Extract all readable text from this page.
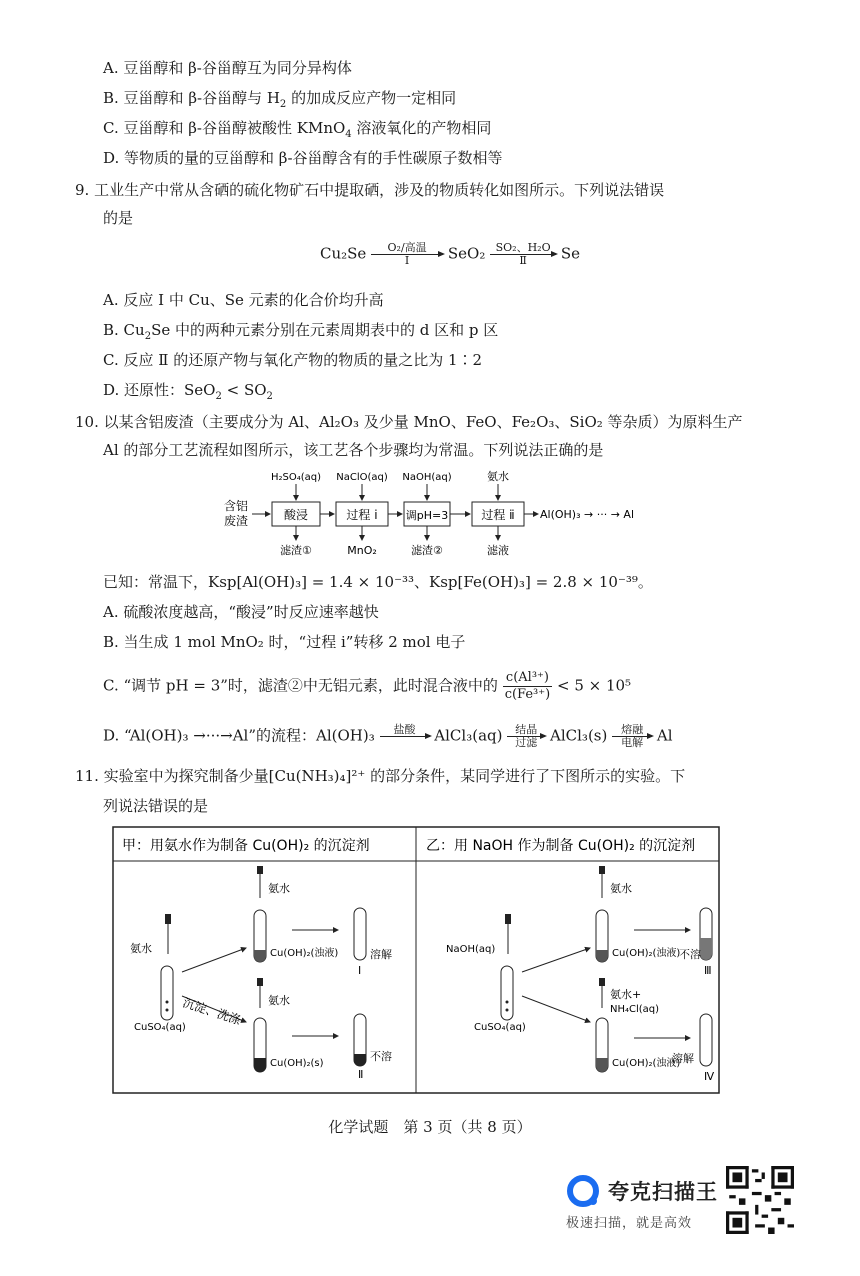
A. 豆甾醇和 β-谷甾醇互为同分异构体
B. 豆甾醇和 β-谷甾醇与 $H_2$ 的加成反应产物一定相同
C. 豆甾醇和 β-谷甾醇被酸性 KMnO$_4$ 溶液氧化的产物相同
D. 等物质的量的豆甾醇和 β-谷甾醇含有的手性碳原子数相等
9. 工业生产中常从含硒的硫化物矿石中提取硒，涉及的物质转化如图所示。下列说法错误
的是
Cu₂Se	O₂/高温
Ⅰ	SeO₂ SO₂、H₂O
Ⅱ	Se
A. 反应 Ⅰ 中 Cu、Se 元素的化合价均升高
B. $Cu_2Se$ 中的两种元素分别在元素周期表中的 d 区和 p 区
C. 反应 Ⅱ 的还原产物与氧化产物的物质的量之比为 1∶2
D. 还原性：$SeO_2 < SO_2$
10. 以某含铝废渣（主要成分为 Al、Al₂O₃ 及少量 MnO、FeO、Fe₂O₃、SiO₂ 等杂质）为原料生产
Al 的部分工艺流程如图所示，该工艺各个步骤均为常温。下列说法正确的是
含铝
废渣	酸浸	过程 ⅰ	调pH=3	过程 ⅱ Al(OH)₃ → ··· → Al
H₂SO₄(aq) NaClO(aq) NaOH(aq)	氨水
滤渣①	MnO₂	滤渣②	滤液
已知：常温下，Ksp[Al(OH)₃] = 1.4 × 10⁻³³、Ksp[Fe(OH)₃] = 2.8 × 10⁻³⁹。
A. 硫酸浓度越高，“酸浸”时反应速率越快
B. 当生成 1 mol MnO₂ 时，“过程 ⅰ”转移 2 mol 电子
C. “调节 pH = 3”时，滤渣②中无铝元素，此时混合液中的 $\frac{\text{c(Al³⁺)}}{\text{c(Fe³⁺)}} < 5 \times 10^5$
D. “Al(OH)₃ →···→Al”的流程：Al(OH)₃	盐酸
	AlCl₃(aq)	结晶
过滤 AlCl₃(s)	熔融
电解 Al
11. 实验室中为探究制备少量[Cu(NH₃)₄]²⁺ 的部分条件，某同学进行了下图所示的实验。下
列说法错误的是
甲：用氨水作为制备 Cu(OH)₂ 的沉淀剂	乙：用 NaOH 作为制备 Cu(OH)₂ 的沉淀剂
氨水
CuSO₄(aq)
沉淀、洗涤
氨水
Cu(OH)₂(浊液)	溶解
Ⅰ
氨水
Cu(OH)₂(s)
不溶
Ⅱ
NaOH(aq)
CuSO₄(aq)
氨水
Cu(OH)₂(浊液)
不溶
Ⅲ
氨水+
NH₄Cl(aq)
Cu(OH)₂(浊液)
溶解
Ⅳ
化学试题　第 3 页（共 8 页）
夸克扫描王
极速扫描，就是高效
